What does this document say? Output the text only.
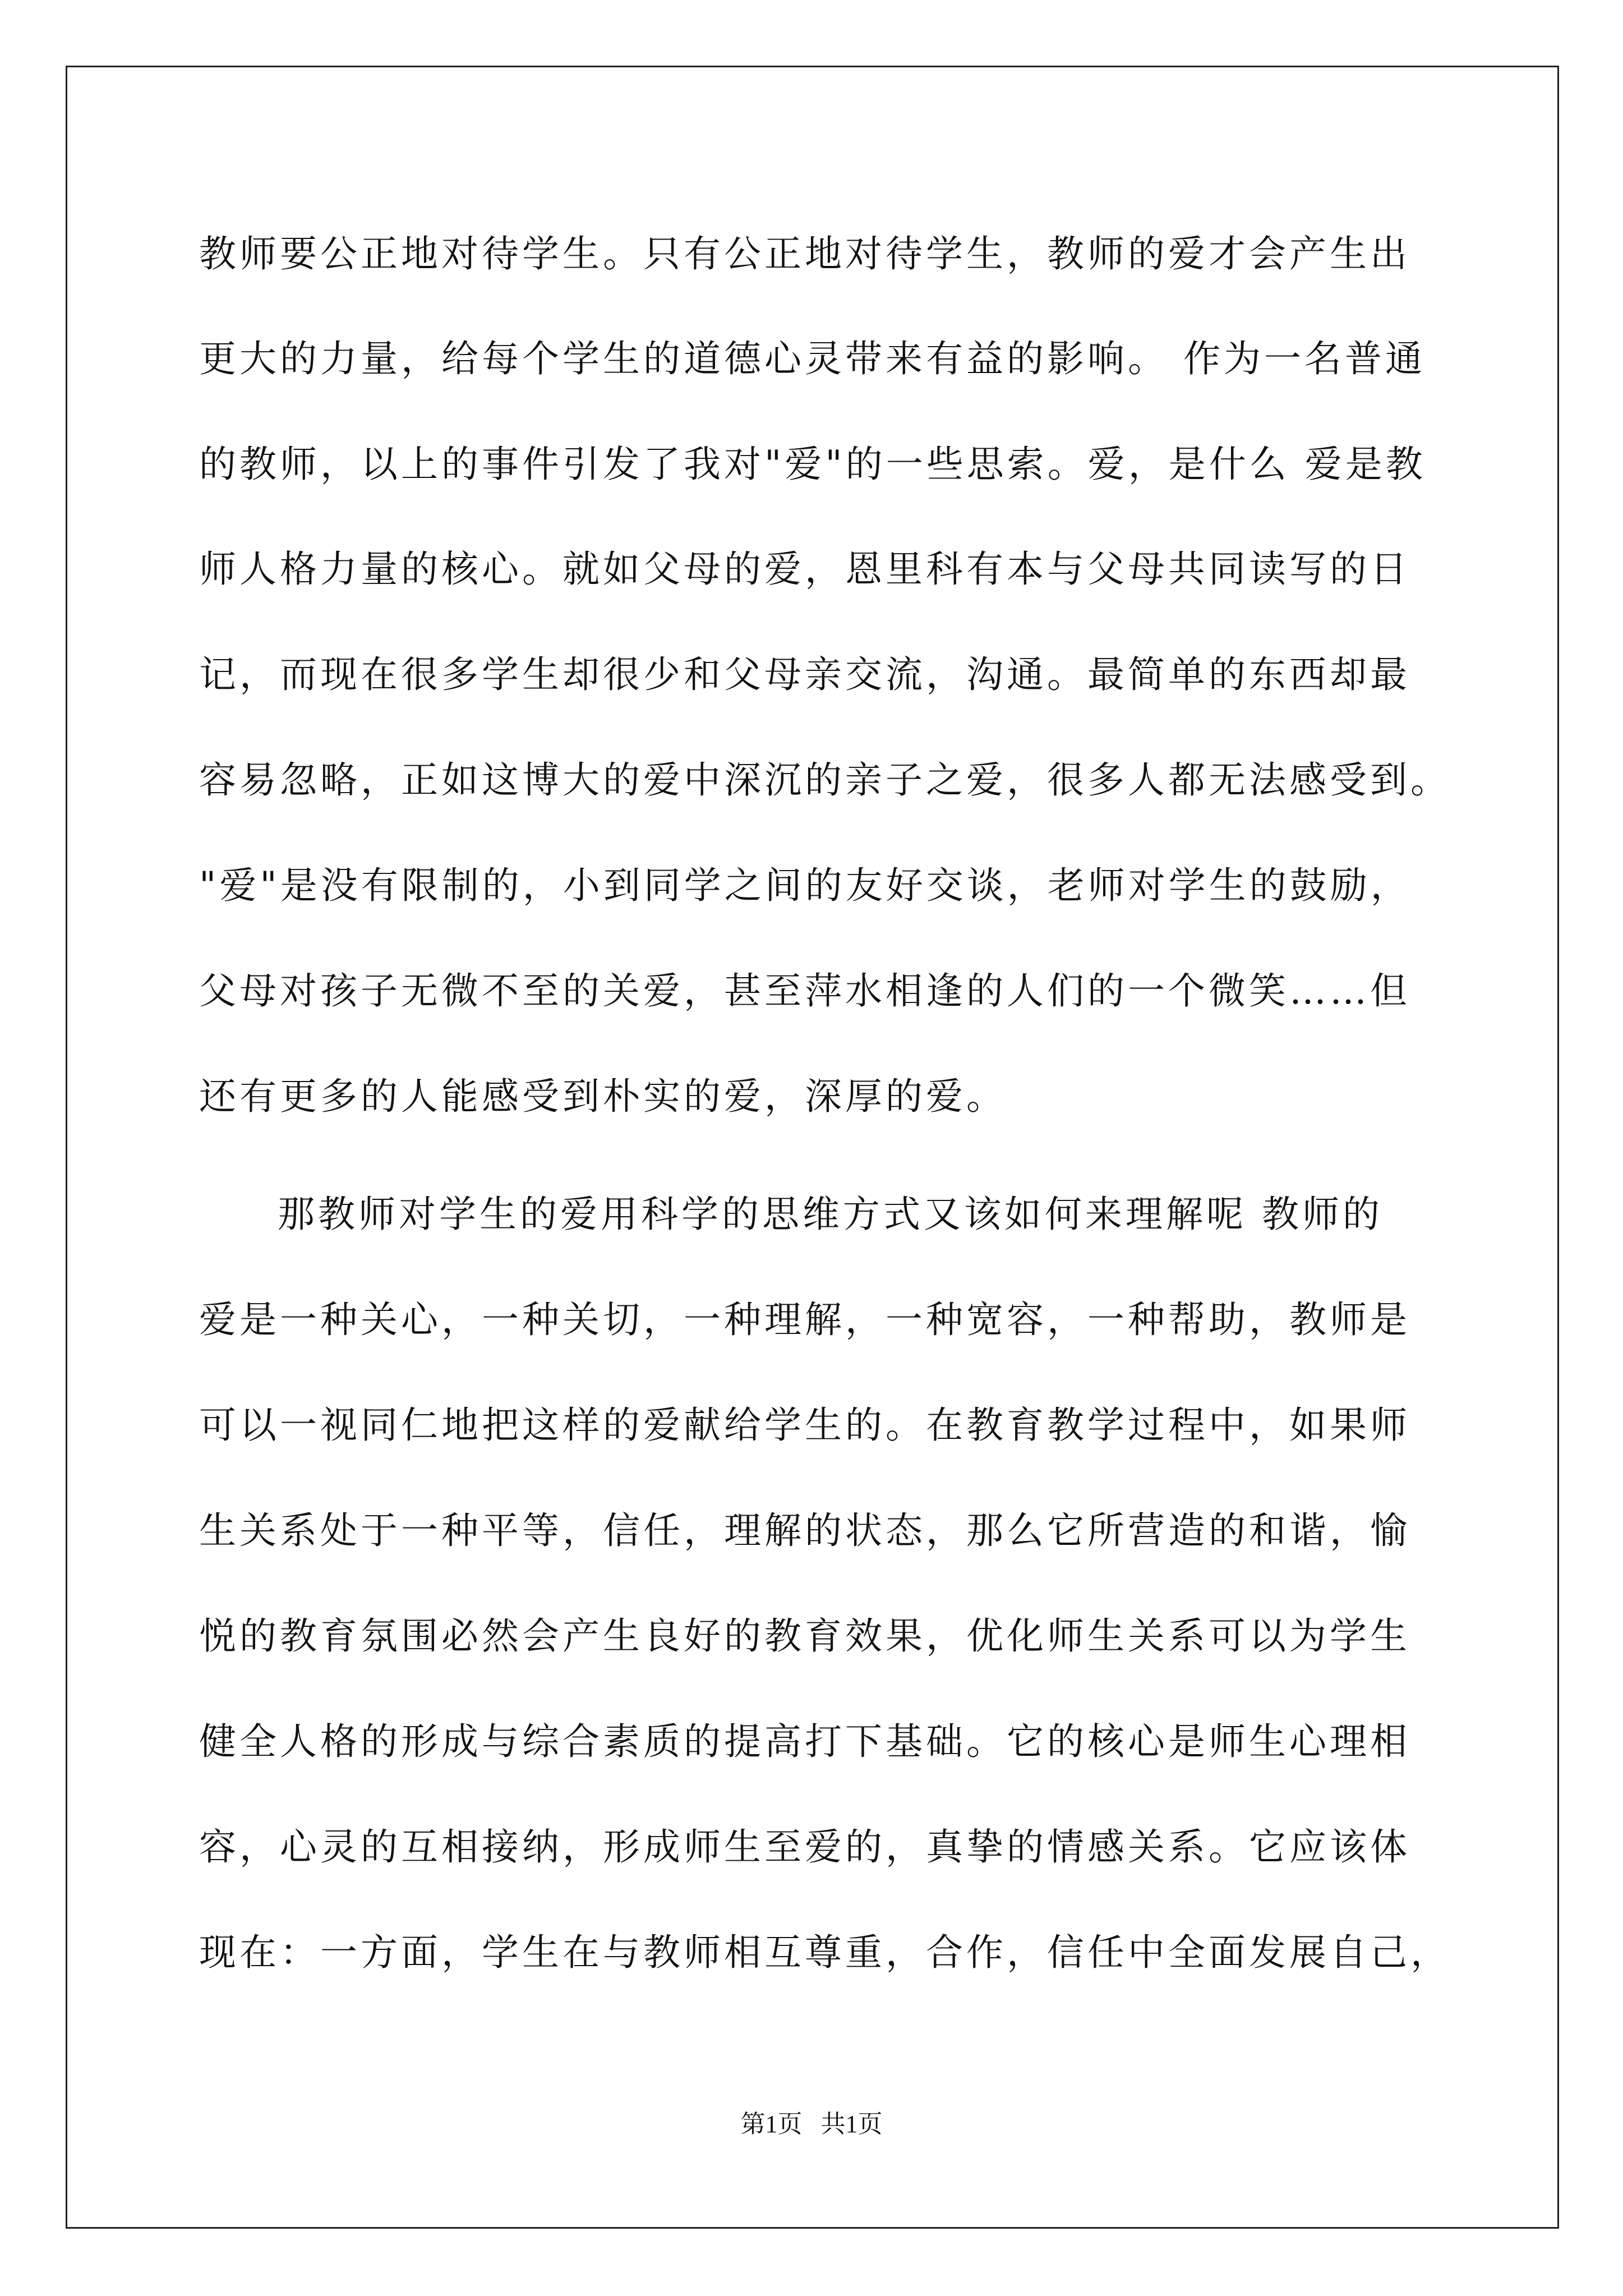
教师要公正地对待学生。只有公正地对待学生，教师的爱才会产生出
更大的力量，给每个学生的道德心灵带来有益的影响。 作为一名普通
的教师，以上的事件引发了我对"爱"的一些思索。爱，是什么 爱是教
师人格力量的核心。就如父母的爱，恩里科有本与父母共同读写的日
记，而现在很多学生却很少和父母亲交流，沟通。最简单的东西却最
容易忽略，正如这博大的爱中深沉的亲子之爱，很多人都无法感受到。
"爱"是没有限制的，小到同学之间的友好交谈，老师对学生的鼓励，
父母对孩子无微不至的关爱，甚至萍水相逢的人们的一个微笑……但
还有更多的人能感受到朴实的爱，深厚的爱。
那教师对学生的爱用科学的思维方式又该如何来理解呢 教师的
爱是一种关心，一种关切，一种理解，一种宽容，一种帮助，教师是
可以一视同仁地把这样的爱献给学生的。在教育教学过程中，如果师
生关系处于一种平等，信任，理解的状态，那么它所营造的和谐，愉
悦的教育氛围必然会产生良好的教育效果，优化师生关系可以为学生
健全人格的形成与综合素质的提高打下基础。它的核心是师生心理相
容，心灵的互相接纳，形成师生至爱的，真挚的情感关系。它应该体
现在：一方面，学生在与教师相互尊重，合作，信任中全面发展自己，
第1页   共1页
